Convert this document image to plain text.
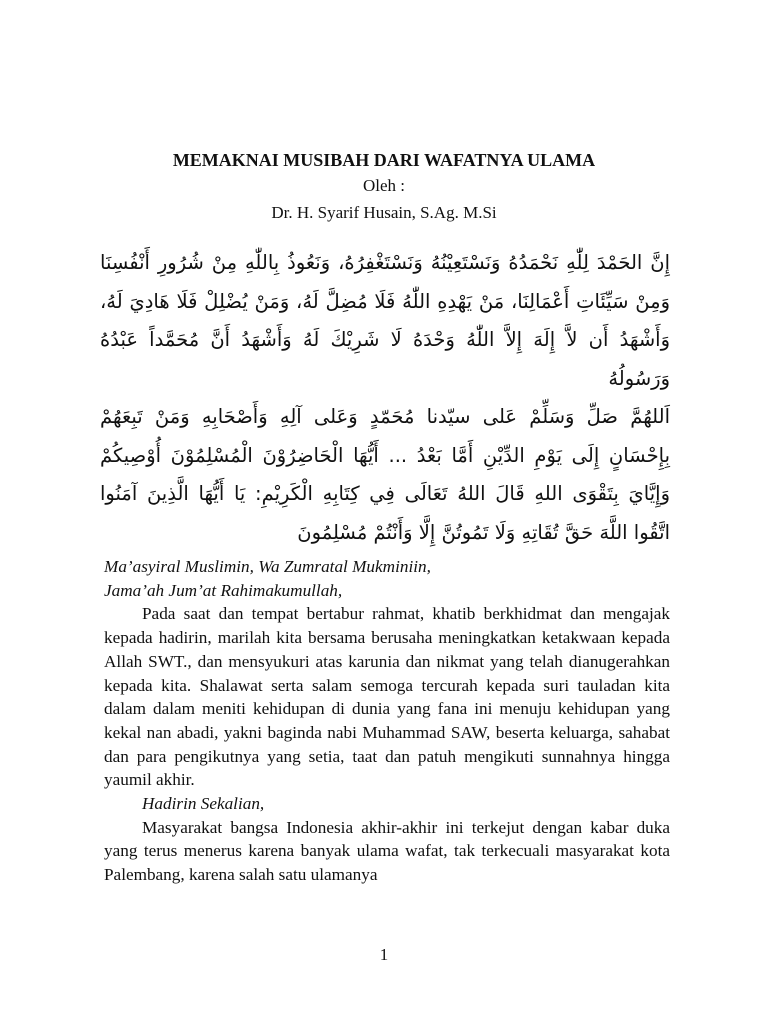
MEMAKNAI MUSIBAH DARI WAFATNYA ULAMA
Oleh :
Dr. H. Syarif Husain, S.Ag. M.Si

إِنَّ الحَمْدَ لِلّٰهِ نَحْمَدُهُ وَنَسْتَعِيْنُهُ وَنَسْتَغْفِرُهُ، وَنَعُوذُ بِاللّٰهِ مِنْ شُرُورِ أَنْفُسِنَا وَمِنْ سَيِّئَاتِ أَعْمَالِنَا، مَنْ يَهْدِهِ اللّٰهُ فَلَا مُضِلَّ لَهُ، وَمَنْ يُضْلِلْ فَلَا هَادِيَ لَهُ، وَأَشْهَدُ أَن لاَّ إِلَهَ إِلاَّ اللّٰهُ وَحْدَهُ لَا شَرِيْكَ لَهُ وَأَشْهَدُ أَنَّ مُحَمَّداً عَبْدُهُ وَرَسُولُهُ

اَللهُمَّ صَلِّ وَسَلِّمْ عَلى سيّدنا مُحَمّدٍ وَعَلى آلِهِ وَأَصْحَابِهِ وَمَنْ تَبِعَهُمْ بِإِحْسَانٍ إِلَى يَوْمِ الدِّيْنِ أَمَّا بَعْدُ ... أَيُّهَا الْحَاضِرُوْنَ الْمُسْلِمُوْنَ أُوْصِيكُمْ وَإِيَّايَ بِتَقْوَى اللهِ قَالَ اللهُ تَعَالَى فِي كِتَابِهِ الْكَرِيْمِ: يَا أَيُّهَا الَّذِينَ آمَنُوا اتَّقُوا اللَّهَ حَقَّ تُقَاتِهِ وَلَا تَمُوتُنَّ إِلَّا وَأَنْتُمْ مُسْلِمُونَ

Ma’asyiral Muslimin, Wa Zumratal Mukminiin,

Jama’ah Jum’at Rahimakumullah,

Pada saat dan tempat bertabur rahmat, khatib berkhidmat dan mengajak kepada hadirin, marilah kita bersama berusaha meningkatkan ketakwaan kepada Allah SWT., dan mensyukuri atas karunia dan nikmat yang telah dianugerahkan kepada kita. Shalawat serta salam semoga tercurah kepada suri tauladan kita dalam dalam meniti kehidupan di dunia yang fana ini menuju kehidupan yang kekal nan abadi, yakni baginda nabi Muhammad SAW, beserta keluarga, sahabat dan para pengikutnya yang setia, taat dan patuh mengikuti sunnahnya hingga yaumil akhir.

Hadirin Sekalian,

Masyarakat bangsa Indonesia akhir-akhir ini terkejut dengan kabar duka yang terus menerus karena banyak ulama wafat, tak terkecuali masyarakat kota Palembang, karena salah satu ulamanya

1
